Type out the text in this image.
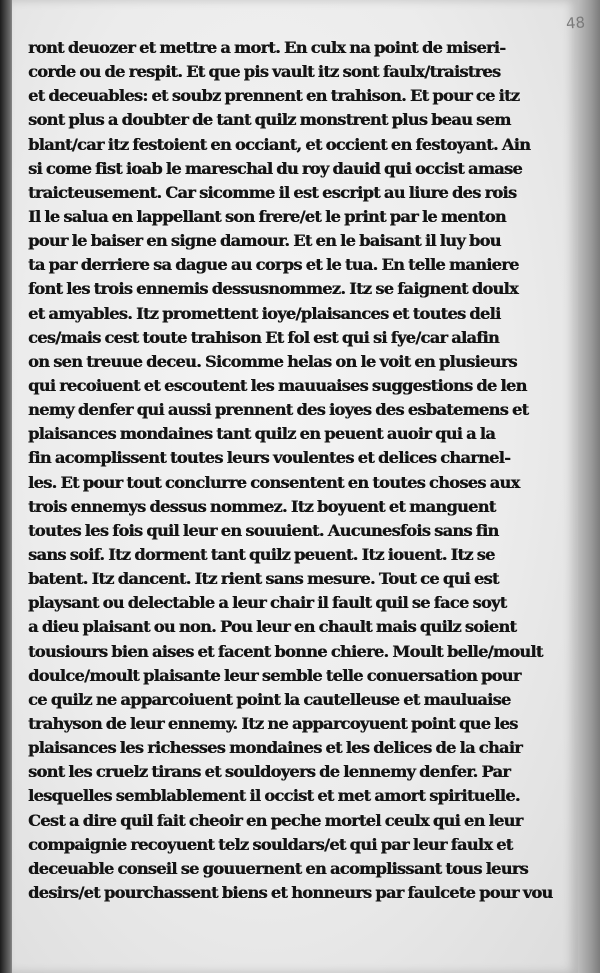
48
ront deuozer et mettre a mort. En culx na point de miseri-
corde ou de respit. Et que pis vault itz sont faulx/traistres
et deceuables: et soubz prennent en trahison. Et pour ce itz
sont plus a doubter de tant quilz monstrent plus beau sem
blant/car itz festoient en occiant, et occient en festoyant. Ain
si come fist ioab le mareschal du roy dauid qui occist amase
traicteusement. Car sicomme il est escript au liure des rois
Il le salua en lappellant son frere/et le print par le menton
pour le baiser en signe damour. Et en le baisant il luy bou
ta par derriere sa dague au corps et le tua. En telle maniere
font les trois ennemis dessusnommez. Itz se faignent doulx
et amyables. Itz promettent ioye/plaisances et toutes deli
ces/mais cest toute trahison Et fol est qui si fye/car alafin
on sen treuue deceu. Sicomme helas on le voit en plusieurs
qui recoiuent et escoutent les mauuaises suggestions de len
nemy denfer qui aussi prennent des ioyes des esbatemens et
plaisances mondaines tant quilz en peuent auoir qui a la
fin acomplissent toutes leurs voulentes et delices charnel-
les. Et pour tout conclurre consentent en toutes choses aux
trois ennemys dessus nommez. Itz boyuent et manguent
toutes les fois quil leur en souuient. Aucunesfois sans fin
sans soif. Itz dorment tant quilz peuent. Itz iouent. Itz se
batent. Itz dancent. Itz rient sans mesure. Tout ce qui est
playsant ou delectable a leur chair il fault quil se face soyt
a dieu plaisant ou non. Pou leur en chault mais quilz soient
tousiours bien aises et facent bonne chiere. Moult belle/moult
doulce/moult plaisante leur semble telle conuersation pour
ce quilz ne apparcoiuent point la cautelleuse et mauluaise
trahyson de leur ennemy. Itz ne apparcoyuent point que les
plaisances les richesses mondaines et les delices de la chair
sont les cruelz tirans et souldoyers de lennemy denfer. Par
lesquelles semblablement il occist et met amort spirituelle.
Cest a dire quil fait cheoir en peche mortel ceulx qui en leur
compaignie recoyuent telz souldars/et qui par leur faulx et
deceuable conseil se gouuernent en acomplissant tous leurs
desirs/et pourchassent biens et honneurs par faulcete pour vou
